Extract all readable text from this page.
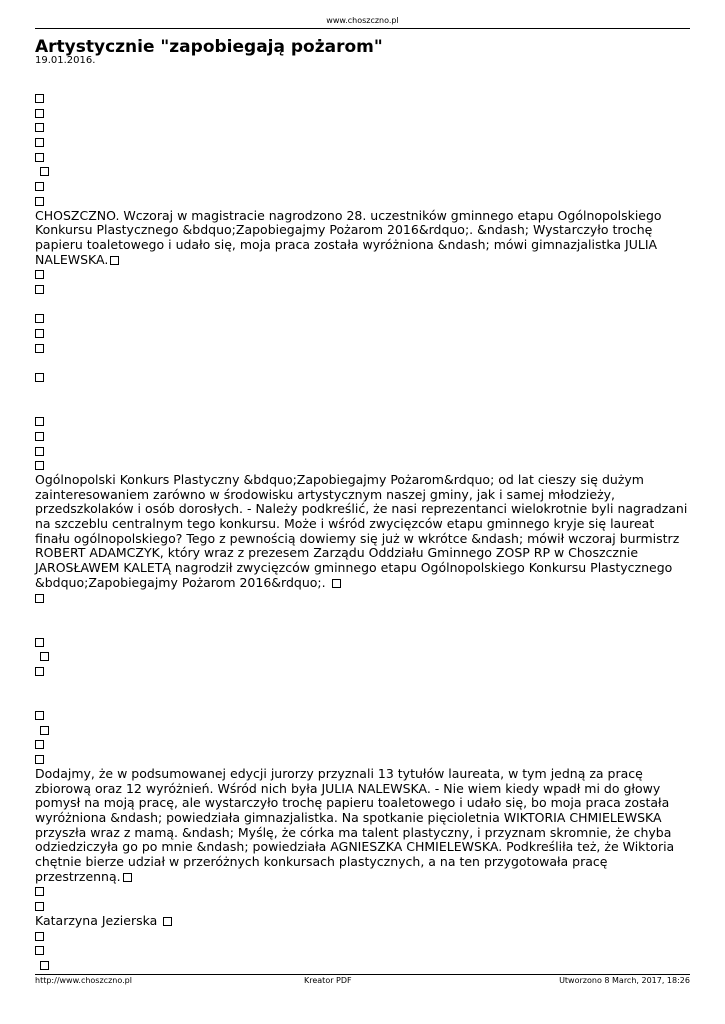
www.choszczno.pl
Artystycznie "zapobiegają pożarom"
19.01.2016.

CHOSZCZNO. Wczoraj w magistracie nagrodzono 28. uczestników gminnego etapu Ogólnopolskiego Konkursu Plastycznego &bdquo;Zapobiegajmy Pożarom 2016&rdquo;. &ndash; Wystarczyło trochę papieru toaletowego i udało się, moja praca została wyróżniona &ndash; mówi gimnazjalistka JULIA NALEWSKA.

Ogólnopolski Konkurs Plastyczny &bdquo;Zapobiegajmy Pożarom&rdquo; od lat cieszy się dużym zainteresowaniem zarówno w środowisku artystycznym naszej gminy, jak i samej młodzieży, przedszkolaków i osób dorosłych. - Należy podkreślić, że nasi reprezentanci wielokrotnie byli nagradzani na szczeblu centralnym tego konkursu. Może i wśród zwycięzców etapu gminnego kryje się laureat finału ogólnopolskiego? Tego z pewnością dowiemy się już w wkrótce &ndash; mówił wczoraj burmistrz ROBERT ADAMCZYK, który wraz z prezesem Zarządu Oddziału Gminnego ZOSP RP w Choszcznie JAROSŁAWEM KALETĄ nagrodził zwycięzców gminnego etapu Ogólnopolskiego Konkursu Plastycznego &bdquo;Zapobiegajmy Pożarom 2016&rdquo;.

Dodajmy, że w podsumowanej edycji jurorzy przyznali 13 tytułów laureata, w tym jedną za pracę zbiorową oraz 12 wyróżnień. Wśród nich była JULIA NALEWSKA. - Nie wiem kiedy wpadł mi do głowy pomysł na moją pracę, ale wystarczyło trochę papieru toaletowego i udało się, bo moja praca została wyróżniona &ndash; powiedziała gimnazjalistka. Na spotkanie pięcioletnia WIKTORIA CHMIELEWSKA przyszła wraz z mamą. &ndash; Myślę, że córka ma talent plastyczny, i przyznam skromnie, że chyba odziedziczyła go po mnie &ndash; powiedziała AGNIESZKA CHMIELEWSKA. Podkreśliła też, że Wiktoria chętnie bierze udział w przeróżnych konkursach plastycznych, a na ten przygotowała pracę przestrzenną.

Katarzyna Jezierska
http://www.choszczno.pl	Kreator PDF	Utworzono 8 March, 2017, 18:26
